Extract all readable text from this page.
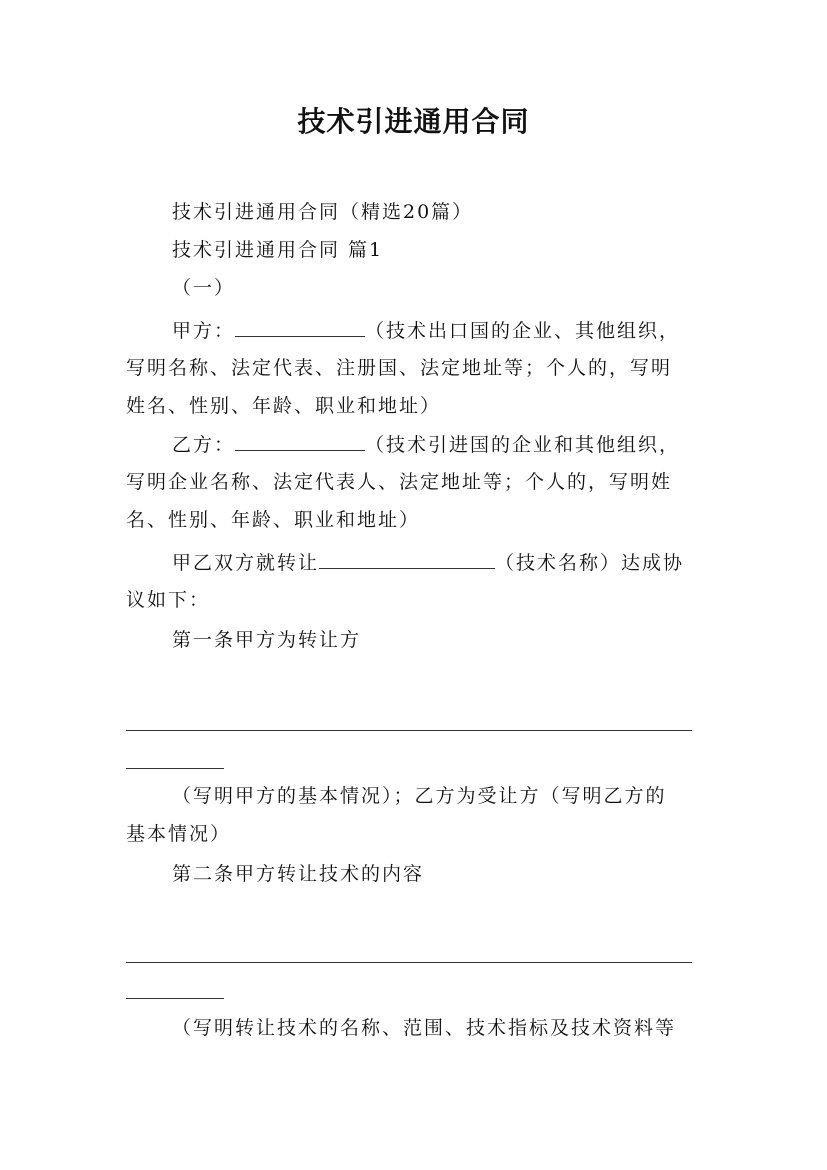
技术引进通用合同
技术引进通用合同（精选20篇）
技术引进通用合同 篇1
（一）
甲方：	（技术出口国的企业、其他组织，
写明名称、法定代表、注册国、法定地址等；个人的，写明
姓名、性别、年龄、职业和地址）
乙方：	（技术引进国的企业和其他组织，
写明企业名称、法定代表人、法定地址等；个人的，写明姓
名、性别、年龄、职业和地址）
甲乙双方就转让	（技术名称）达成协
议如下：
第一条甲方为转让方
（写明甲方的基本情况）；乙方为受让方（写明乙方的
基本情况）
第二条甲方转让技术的内容
（写明转让技术的名称、范围、技术指标及技术资料等
